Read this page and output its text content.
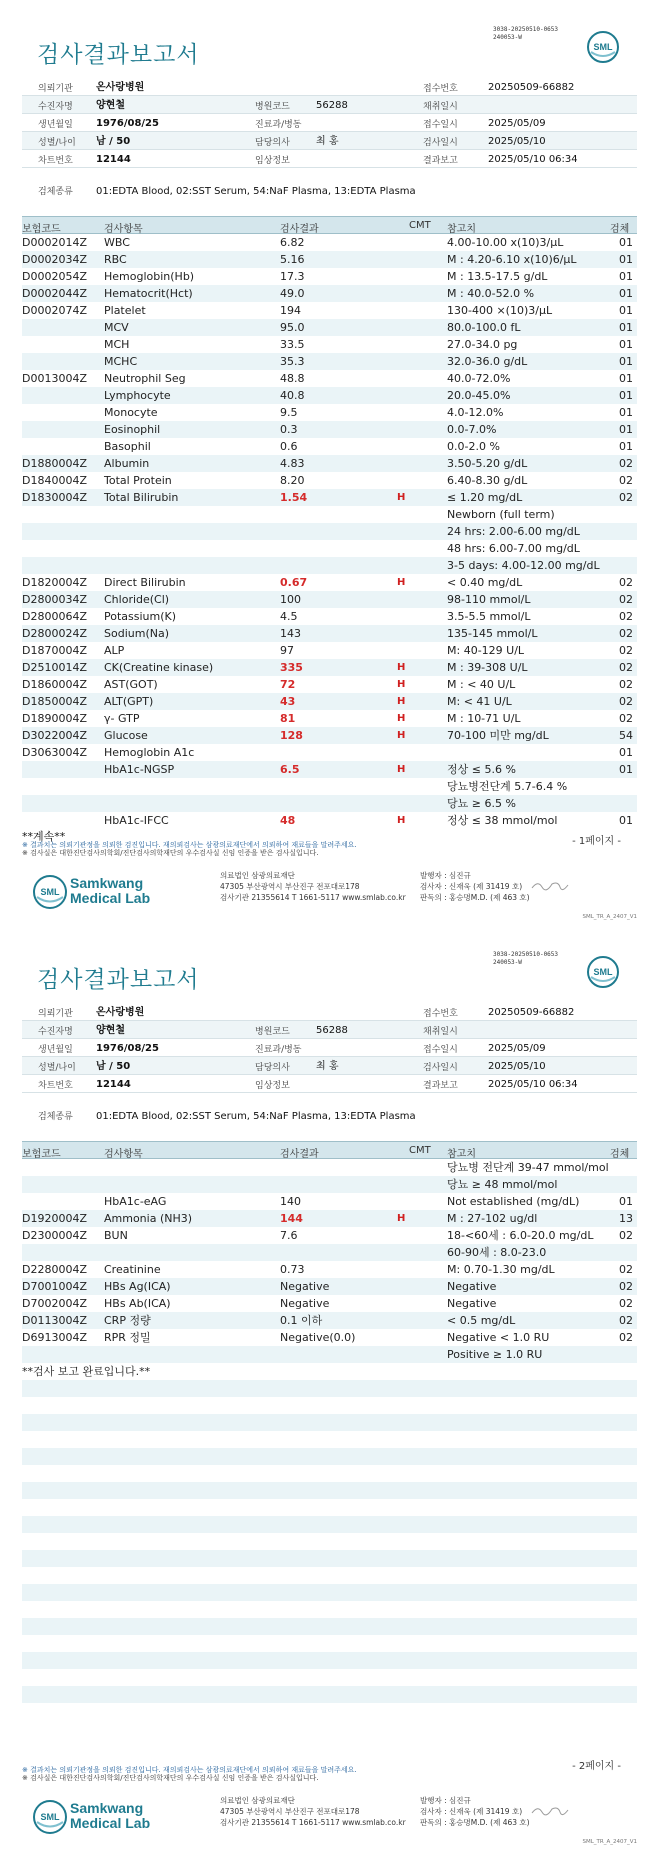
검사결과보고서
3038-20250510-0653
240053-W
SML
의뢰기관 온사랑병원	접수번호	20250509-66882
수진자명 양현철	병원코드	56288	채취일시
생년월일 1976/08/25	진료과/병동	접수일시	2025/05/09
성별/나이 남 / 50	담당의사	최 홍	검사일시	2025/05/10
차트번호 12144	임상정보	결과보고	2025/05/10 06:34
검체종류 01:EDTA Blood, 02:SST Serum, 54:NaF Plasma, 13:EDTA Plasma
보험코드	검사항목	검사결과	CMT 참고치	검체
D0002014Z WBC	6.82	4.00-10.00 x(10)3/μL	01
D0002034Z RBC	5.16	M : 4.20-6.10 x(10)6/μL	01
D0002054Z Hemoglobin(Hb)	17.3	M : 13.5-17.5 g/dL	01
D0002044Z Hematocrit(Hct)	49.0	M : 40.0-52.0 %	01
D0002074Z Platelet	194	130-400 ×(10)3/μL	01
MCV	95.0	80.0-100.0 fL	01
MCH	33.5	27.0-34.0 pg	01
MCHC	35.3	32.0-36.0 g/dL	01
D0013004Z Neutrophil Seg	48.8	40.0-72.0%	01
Lymphocyte	40.8	20.0-45.0%	01
Monocyte	9.5	4.0-12.0%	01
Eosinophil	0.3	0.0-7.0%	01
Basophil	0.6	0.0-2.0 %	01
D1880004Z Albumin	4.83	3.50-5.20 g/dL	02
D1840004Z Total Protein	8.20	6.40-8.30 g/dL	02
D1830004Z Total Bilirubin	1.54	H	≤ 1.20 mg/dL	02
Newborn (full term)
24 hrs: 2.00-6.00 mg/dL
48 hrs: 6.00-7.00 mg/dL
3-5 days: 4.00-12.00 mg/dL
D1820004Z Direct Bilirubin	0.67	H	< 0.40 mg/dL	02
D2800034Z Chloride(Cl)	100	98-110 mmol/L	02
D2800064Z Potassium(K)	4.5	3.5-5.5 mmol/L	02
D2800024Z Sodium(Na)	143	135-145 mmol/L	02
D1870004Z ALP	97	M: 40-129 U/L	02
D2510014Z CK(Creatine kinase)	335	H	M : 39-308 U/L	02
D1860004Z AST(GOT)	72	H	M : < 40 U/L	02
D1850004Z ALT(GPT)	43	H	M: < 41 U/L	02
D1890004Z γ- GTP	81	H	M : 10-71 U/L	02
D3022004Z Glucose	128	H	70-100 미만 mg/dL	54
D3063004Z Hemoglobin A1c	01
HbA1c-NGSP	6.5	H	정상 ≤ 5.6 %	01
당뇨병전단계 5.7-6.4 %
당뇨 ≥ 6.5 %
HbA1c-IFCC	48	H	정상 ≤ 38 mmol/mol	01
**계속**	- 1페이지 -
※ 결과치는 의뢰기관정을 의뢰한 검진입니다. 재의뢰검사는 삼광의료재단에서 의뢰하여 재료들을 말려주세요.
※ 검사실은 대한진단검사의학회/진단검사의학재단의 우수검사실 신임 인증을 받은 검사실입니다.
SML
Samkwang
Medical Lab
의료법인 삼광의료재단
47305 부산광역시 부산진구 전포대로178
검사기관 21355614 T 1661-5117 www.smlab.co.kr
발행자 : 심진규
검사자 : 신재욱 (제 31419 호)
판독의 : 홍승명M.D. (제 463 호)
SML_TR_A_2407_V1
검사결과보고서
3038-20250510-0653
240053-W
SML
의뢰기관 온사랑병원	접수번호	20250509-66882
수진자명 양현철	병원코드	56288	채취일시
생년월일 1976/08/25	진료과/병동	접수일시	2025/05/09
성별/나이 남 / 50	담당의사	최 홍	검사일시	2025/05/10
차트번호 12144	임상정보	결과보고	2025/05/10 06:34
검체종류 01:EDTA Blood, 02:SST Serum, 54:NaF Plasma, 13:EDTA Plasma
보험코드	검사항목	검사결과	CMT 참고치	검체
당뇨병 전단계 39-47 mmol/mol
당뇨 ≥ 48 mmol/mol
HbA1c-eAG	140	Not established (mg/dL)	01
D1920004Z Ammonia (NH3)	144	H	M : 27-102 ug/dl	13
D2300004Z BUN	7.6	18-<60세 : 6.0-20.0 mg/dL 02
60-90세 : 8.0-23.0
D2280004Z Creatinine	0.73	M: 0.70-1.30 mg/dL	02
D7001004Z HBs Ag(ICA)	Negative	Negative	02
D7002004Z HBs Ab(ICA)	Negative	Negative	02
D0113004Z CRP 정량	0.1 이하	< 0.5 mg/dL	02
D6913004Z RPR 정밀	Negative(0.0)	Negative < 1.0 RU	02
Positive ≥ 1.0 RU
**검사 보고 완료입니다.**
- 2페이지 -
※ 결과치는 의뢰기관정을 의뢰한 검진입니다. 재의뢰검사는 삼광의료재단에서 의뢰하여 재료들을 말려주세요.
※ 검사실은 대한진단검사의학회/진단검사의학재단의 우수검사실 신임 인증을 받은 검사실입니다.
SML
Samkwang
Medical Lab
의료법인 삼광의료재단
47305 부산광역시 부산진구 전포대로178
검사기관 21355614 T 1661-5117 www.smlab.co.kr
발행자 : 심진규
검사자 : 신재욱 (제 31419 호)
판독의 : 홍승명M.D. (제 463 호)
SML_TR_A_2407_V1
